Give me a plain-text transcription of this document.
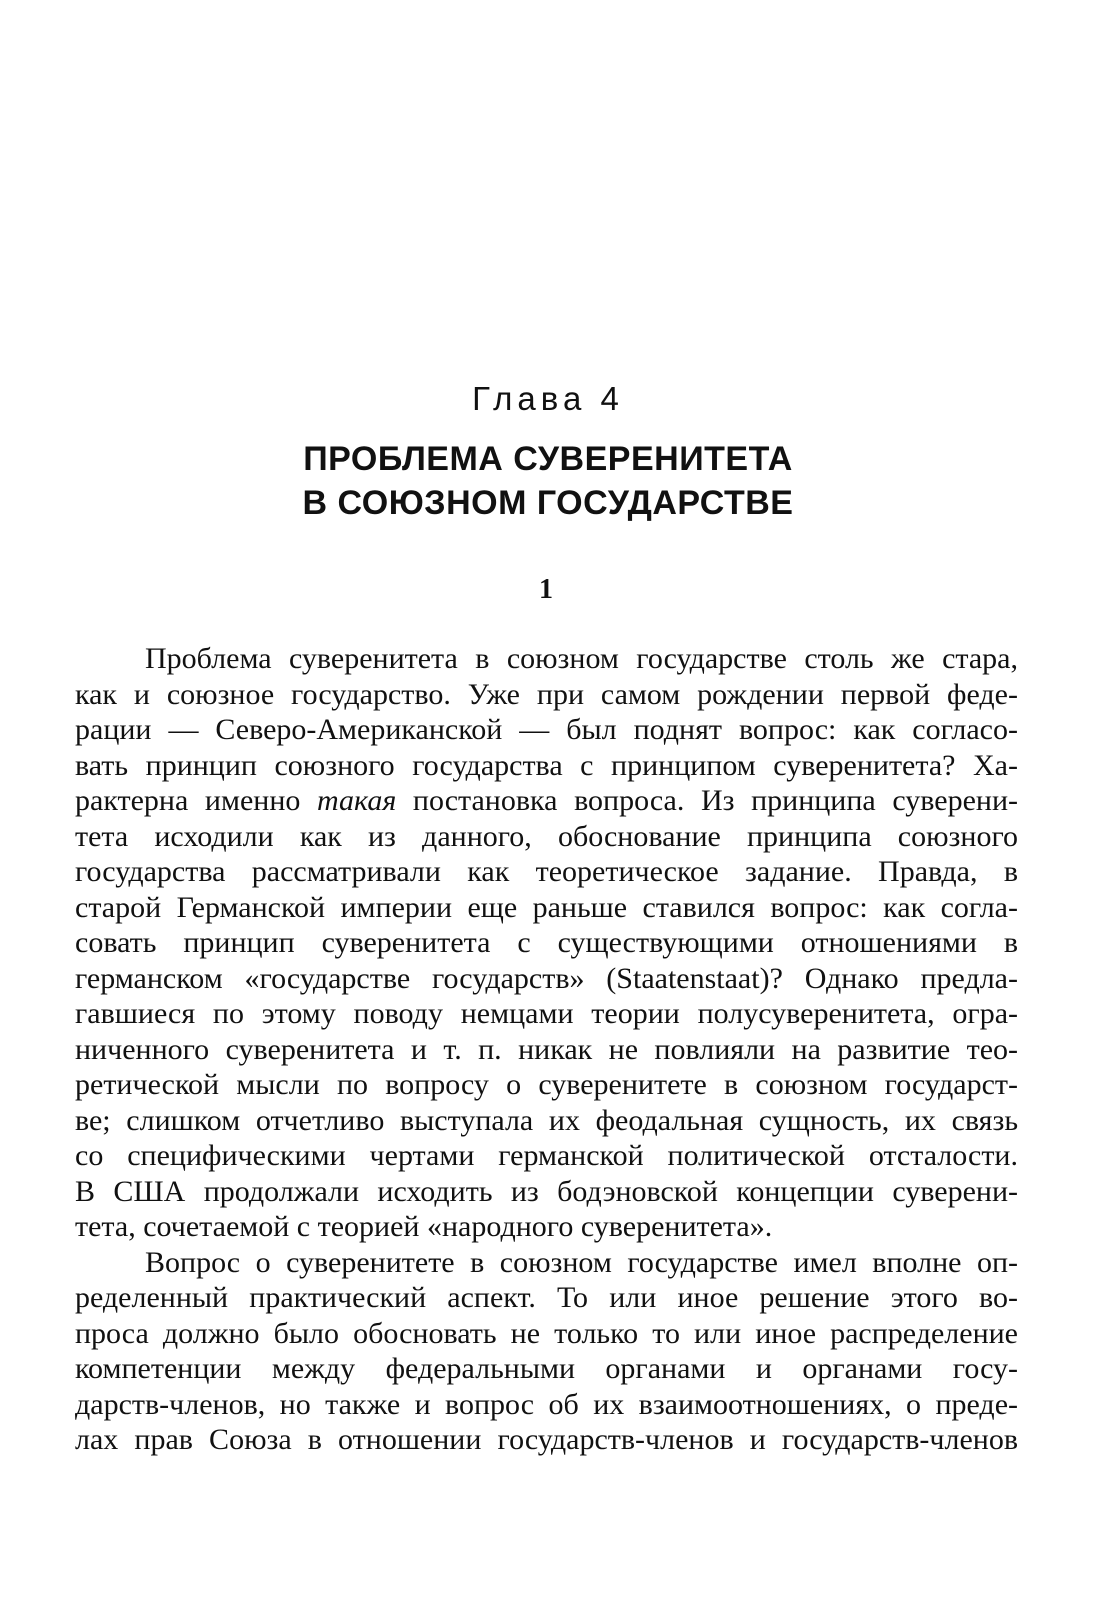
Глава 4
ПРОБЛЕМА СУВЕРЕНИТЕТА
В СОЮЗНОМ ГОСУДАРСТВЕ
1
Проблема суверенитета в союзном государстве столь же стара,
как и союзное государство. Уже при самом рождении первой феде-
рации — Северо-Американской — был поднят вопрос: как согласо-
вать принцип союзного государства с принципом суверенитета? Ха-
рактерна именно такая постановка вопроса. Из принципа суверени-
тета исходили как из данного, обоснование принципа союзного
государства рассматривали как теоретическое задание. Правда, в
старой Германской империи еще раньше ставился вопрос: как согла-
совать принцип суверенитета с существующими отношениями в
германском «государстве государств» (Staatenstaat)? Однако предла-
гавшиеся по этому поводу немцами теории полусуверенитета, огра-
ниченного суверенитета и т. п. никак не повлияли на развитие тео-
ретической мысли по вопросу о суверенитете в союзном государст-
ве; слишком отчетливо выступала их феодальная сущность, их связь
со специфическими чертами германской политической отсталости.
В США продолжали исходить из бодэновской концепции суверени-
тета, сочетаемой с теорией «народного суверенитета».
Вопрос о суверенитете в союзном государстве имел вполне оп-
ределенный практический аспект. То или иное решение этого во-
проса должно было обосновать не только то или иное распределение
компетенции между федеральными органами и органами госу-
дарств-членов, но также и вопрос об их взаимоотношениях, о преде-
лах прав Союза в отношении государств-членов и государств-членов
